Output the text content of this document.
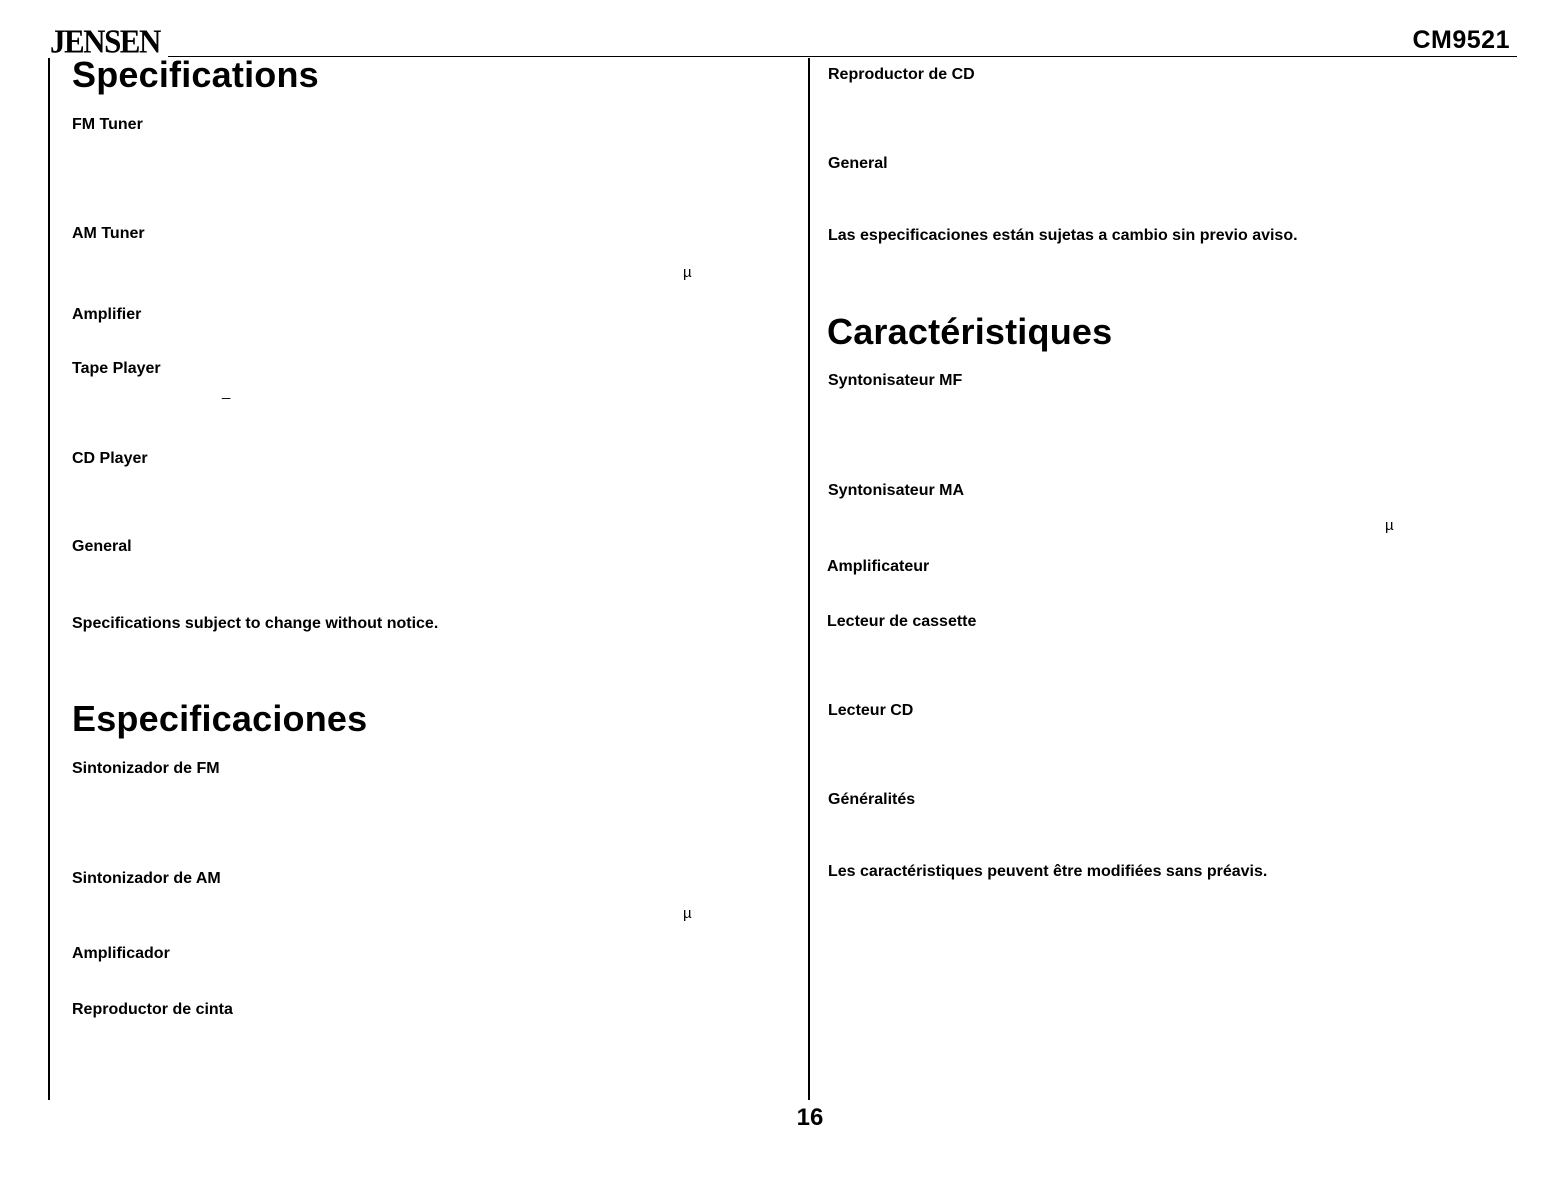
JENSEN	CM9521
Specifications
FM Tuner
AM Tuner
µ
Amplifier
Tape Player
_
CD Player
General
Specifications subject to change without notice.
Especificaciones
Sintonizador de FM
Sintonizador de AM
µ
Amplificador
Reproductor de cinta
Reproductor de CD
General
Las especificaciones están sujetas a cambio sin previo aviso.
Caractéristiques
Syntonisateur MF
Syntonisateur MA
µ
Amplificateur
Lecteur de cassette
Lecteur CD
Généralités
Les caractéristiques peuvent être modifiées sans préavis.
16
